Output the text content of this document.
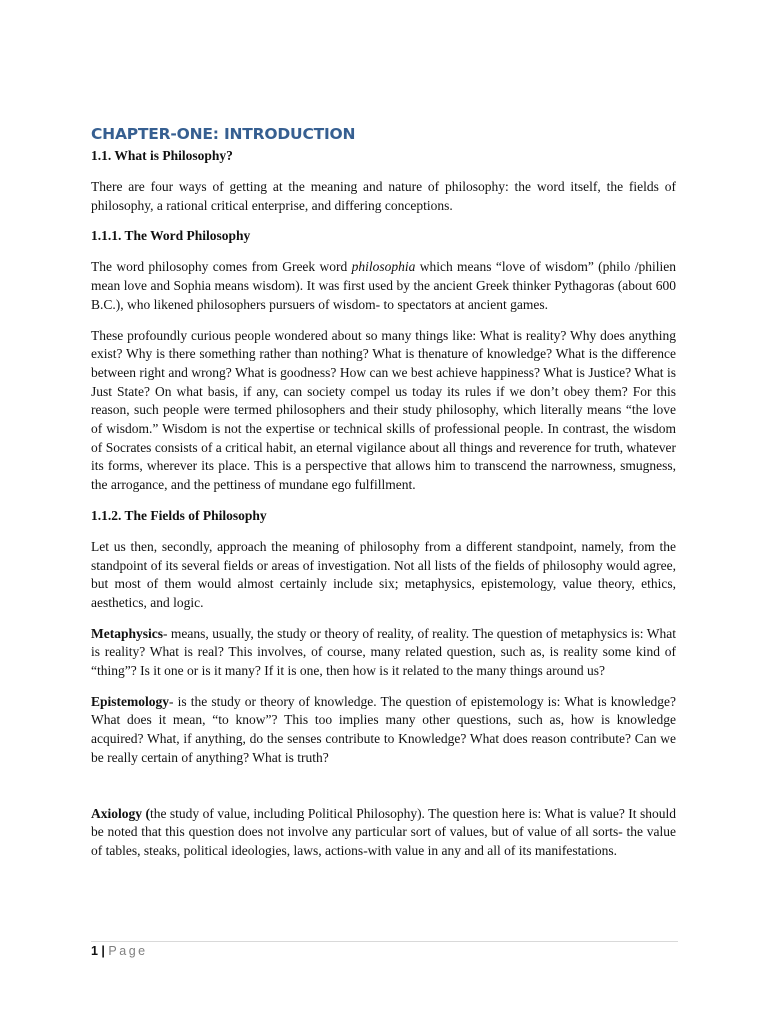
CHAPTER-ONE: INTRODUCTION
1.1. What is Philosophy?

There are four ways of getting at the meaning and nature of philosophy: the word itself, the fields of philosophy, a rational critical enterprise, and differing conceptions.

1.1.1. The Word Philosophy

The word philosophy comes from Greek word philosophia which means “love of wisdom” (philo /philien mean love and Sophia means wisdom). It was first used by the ancient Greek thinker Pythagoras (about 600 B.C.), who likened philosophers pursuers of wisdom- to spectators at ancient games.

These profoundly curious people wondered about so many things like: What is reality? Why does anything exist? Why is there something rather than nothing? What is thenature of knowledge? What is the difference between right and wrong? What is goodness? How can we best achieve happiness? What is Justice? What is Just State? On what basis, if any, can society compel us today its rules if we don’t obey them? For this reason, such people were termed philosophers and their study philosophy, which literally means “the love of wisdom.” Wisdom is not the expertise or technical skills of professional people. In contrast, the wisdom of Socrates consists of a critical habit, an eternal vigilance about all things and reverence for truth, whatever its forms, wherever its place. This is a perspective that allows him to transcend the narrowness, smugness, the arrogance, and the pettiness of mundane ego fulfillment.

1.1.2. The Fields of Philosophy

Let us then, secondly, approach the meaning of philosophy from a different standpoint, namely, from the standpoint of its several fields or areas of investigation. Not all lists of the fields of philosophy would agree, but most of them would almost certainly include six; metaphysics, epistemology, value theory, ethics, aesthetics, and logic.

Metaphysics- means, usually, the study or theory of reality, of reality. The question of metaphysics is: What is reality? What is real? This involves, of course, many related question, such as, is reality some kind of “thing”? Is it one or is it many? If it is one, then how is it related to the many things around us?

Epistemology- is the study or theory of knowledge. The question of epistemology is: What is knowledge? What does it mean, “to know”? This too implies many other questions, such as, how is knowledge acquired? What, if anything, do the senses contribute to Knowledge? What does reason contribute? Can we be really certain of anything? What is truth?

Axiology (the study of value, including Political Philosophy). The question here is: What is value? It should be noted that this question does not involve any particular sort of values, but of value of all sorts- the value of tables, steaks, political ideologies, laws, actions-with value in any and all of its manifestations.

1 | Page
